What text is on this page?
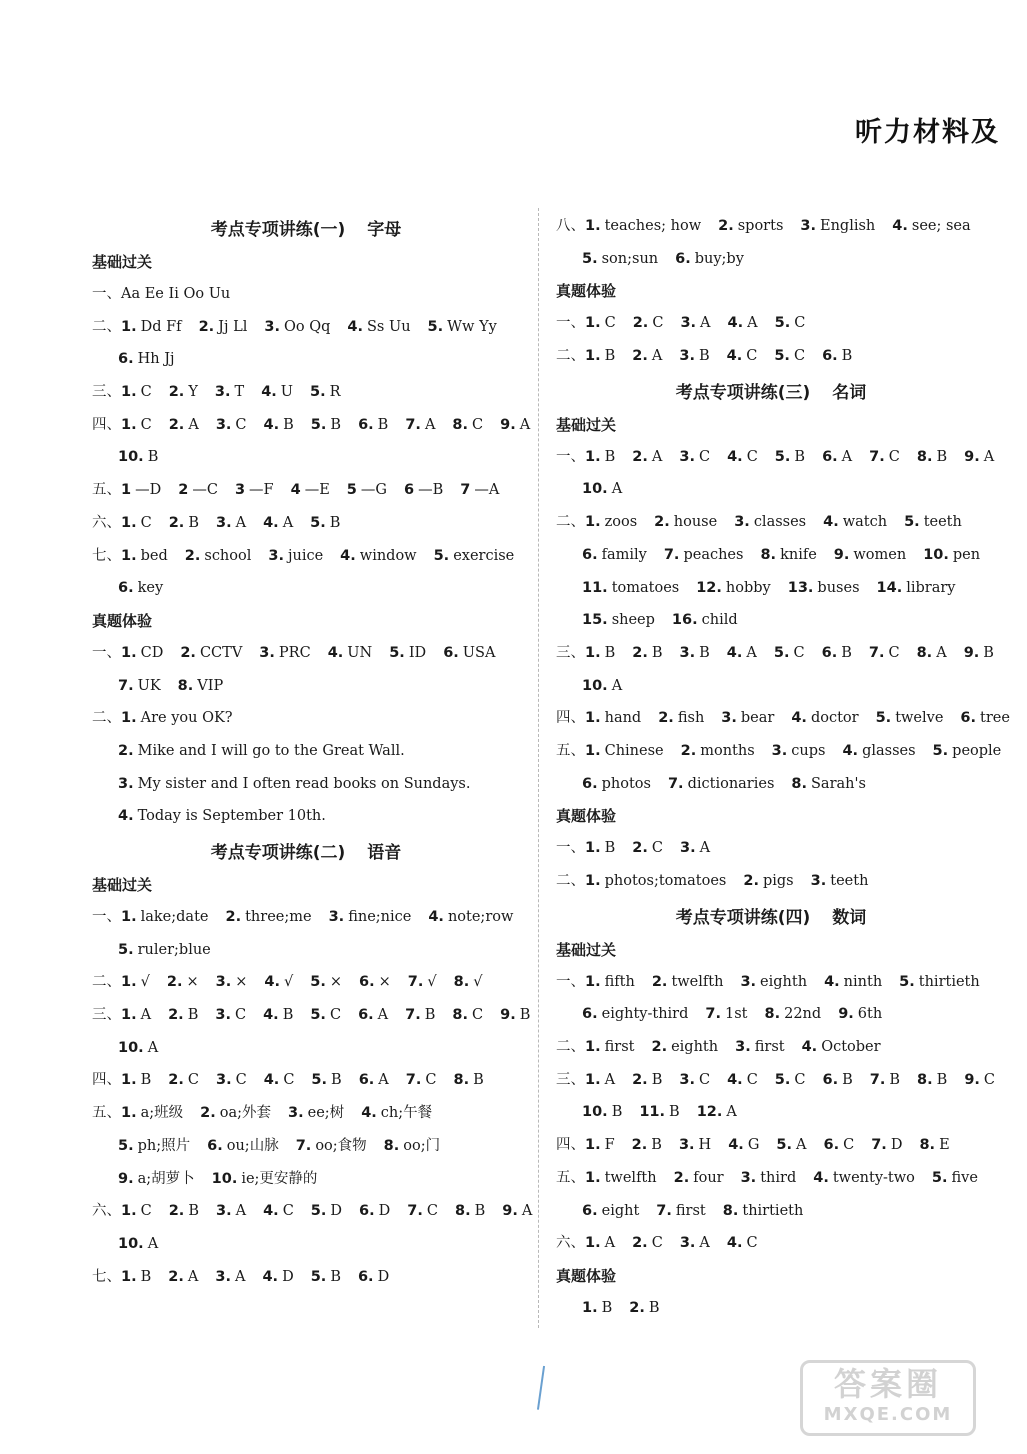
听力材料及
考点专项讲练(一) 字母
基础过关
一、Aa Ee Ii Oo Uu
二、1. Dd Ff 2. Jj Ll 3. Oo Qq 4. Ss Uu 5. Ww Yy
6. Hh Jj
三、1. C 2. Y 3. T 4. U 5. R
四、1. C 2. A 3. C 4. B 5. B 6. B 7. A 8. C 9. A
10. B
五、1 —D 2 —C 3 —F 4 —E 5 —G 6 —B 7 —A
六、1. C 2. B 3. A 4. A 5. B
七、1. bed 2. school 3. juice 4. window 5. exercise
6. key
真题体验
一、1. CD 2. CCTV 3. PRC 4. UN 5. ID 6. USA
7. UK 8. VIP
二、1. Are you OK?
2. Mike and I will go to the Great Wall.
3. My sister and I often read books on Sundays.
4. Today is September 10th.
考点专项讲练(二) 语音
基础过关
一、1. lake;date 2. three;me 3. fine;nice 4. note;row
5. ruler;blue
二、1. √ 2. × 3. × 4. √ 5. × 6. × 7. √ 8. √
三、1. A 2. B 3. C 4. B 5. C 6. A 7. B 8. C 9. B
10. A
四、1. B 2. C 3. C 4. C 5. B 6. A 7. C 8. B
五、1. a;班级 2. oa;外套 3. ee;树 4. ch;午餐
5. ph;照片 6. ou;山脉 7. oo;食物 8. oo;门
9. a;胡萝卜 10. ie;更安静的
六、1. C 2. B 3. A 4. C 5. D 6. D 7. C 8. B 9. A
10. A
七、1. B 2. A 3. A 4. D 5. B 6. D
八、1. teaches; how 2. sports 3. English 4. see; sea
5. son;sun 6. buy;by
真题体验
一、1. C 2. C 3. A 4. A 5. C
二、1. B 2. A 3. B 4. C 5. C 6. B
考点专项讲练(三) 名词
基础过关
一、1. B 2. A 3. C 4. C 5. B 6. A 7. C 8. B 9. A
10. A
二、1. zoos 2. house 3. classes 4. watch 5. teeth
6. family 7. peaches 8. knife 9. women 10. pen
11. tomatoes 12. hobby 13. buses 14. library
15. sheep 16. child
三、1. B 2. B 3. B 4. A 5. C 6. B 7. C 8. A 9. B
10. A
四、1. hand 2. fish 3. bear 4. doctor 5. twelve 6. tree
五、1. Chinese 2. months 3. cups 4. glasses 5. people
6. photos 7. dictionaries 8. Sarah's
真题体验
一、1. B 2. C 3. A
二、1. photos;tomatoes 2. pigs 3. teeth
考点专项讲练(四) 数词
基础过关
一、1. fifth 2. twelfth 3. eighth 4. ninth 5. thirtieth
6. eighty-third 7. 1st 8. 22nd 9. 6th
二、1. first 2. eighth 3. first 4. October
三、1. A 2. B 3. C 4. C 5. C 6. B 7. B 8. B 9. C
10. B 11. B 12. A
四、1. F 2. B 3. H 4. G 5. A 6. C 7. D 8. E
五、1. twelfth 2. four 3. third 4. twenty-two 5. five
6. eight 7. first 8. thirtieth
六、1. A 2. C 3. A 4. C
真题体验
1. B 2. B
答案圈
MXQE.COM
